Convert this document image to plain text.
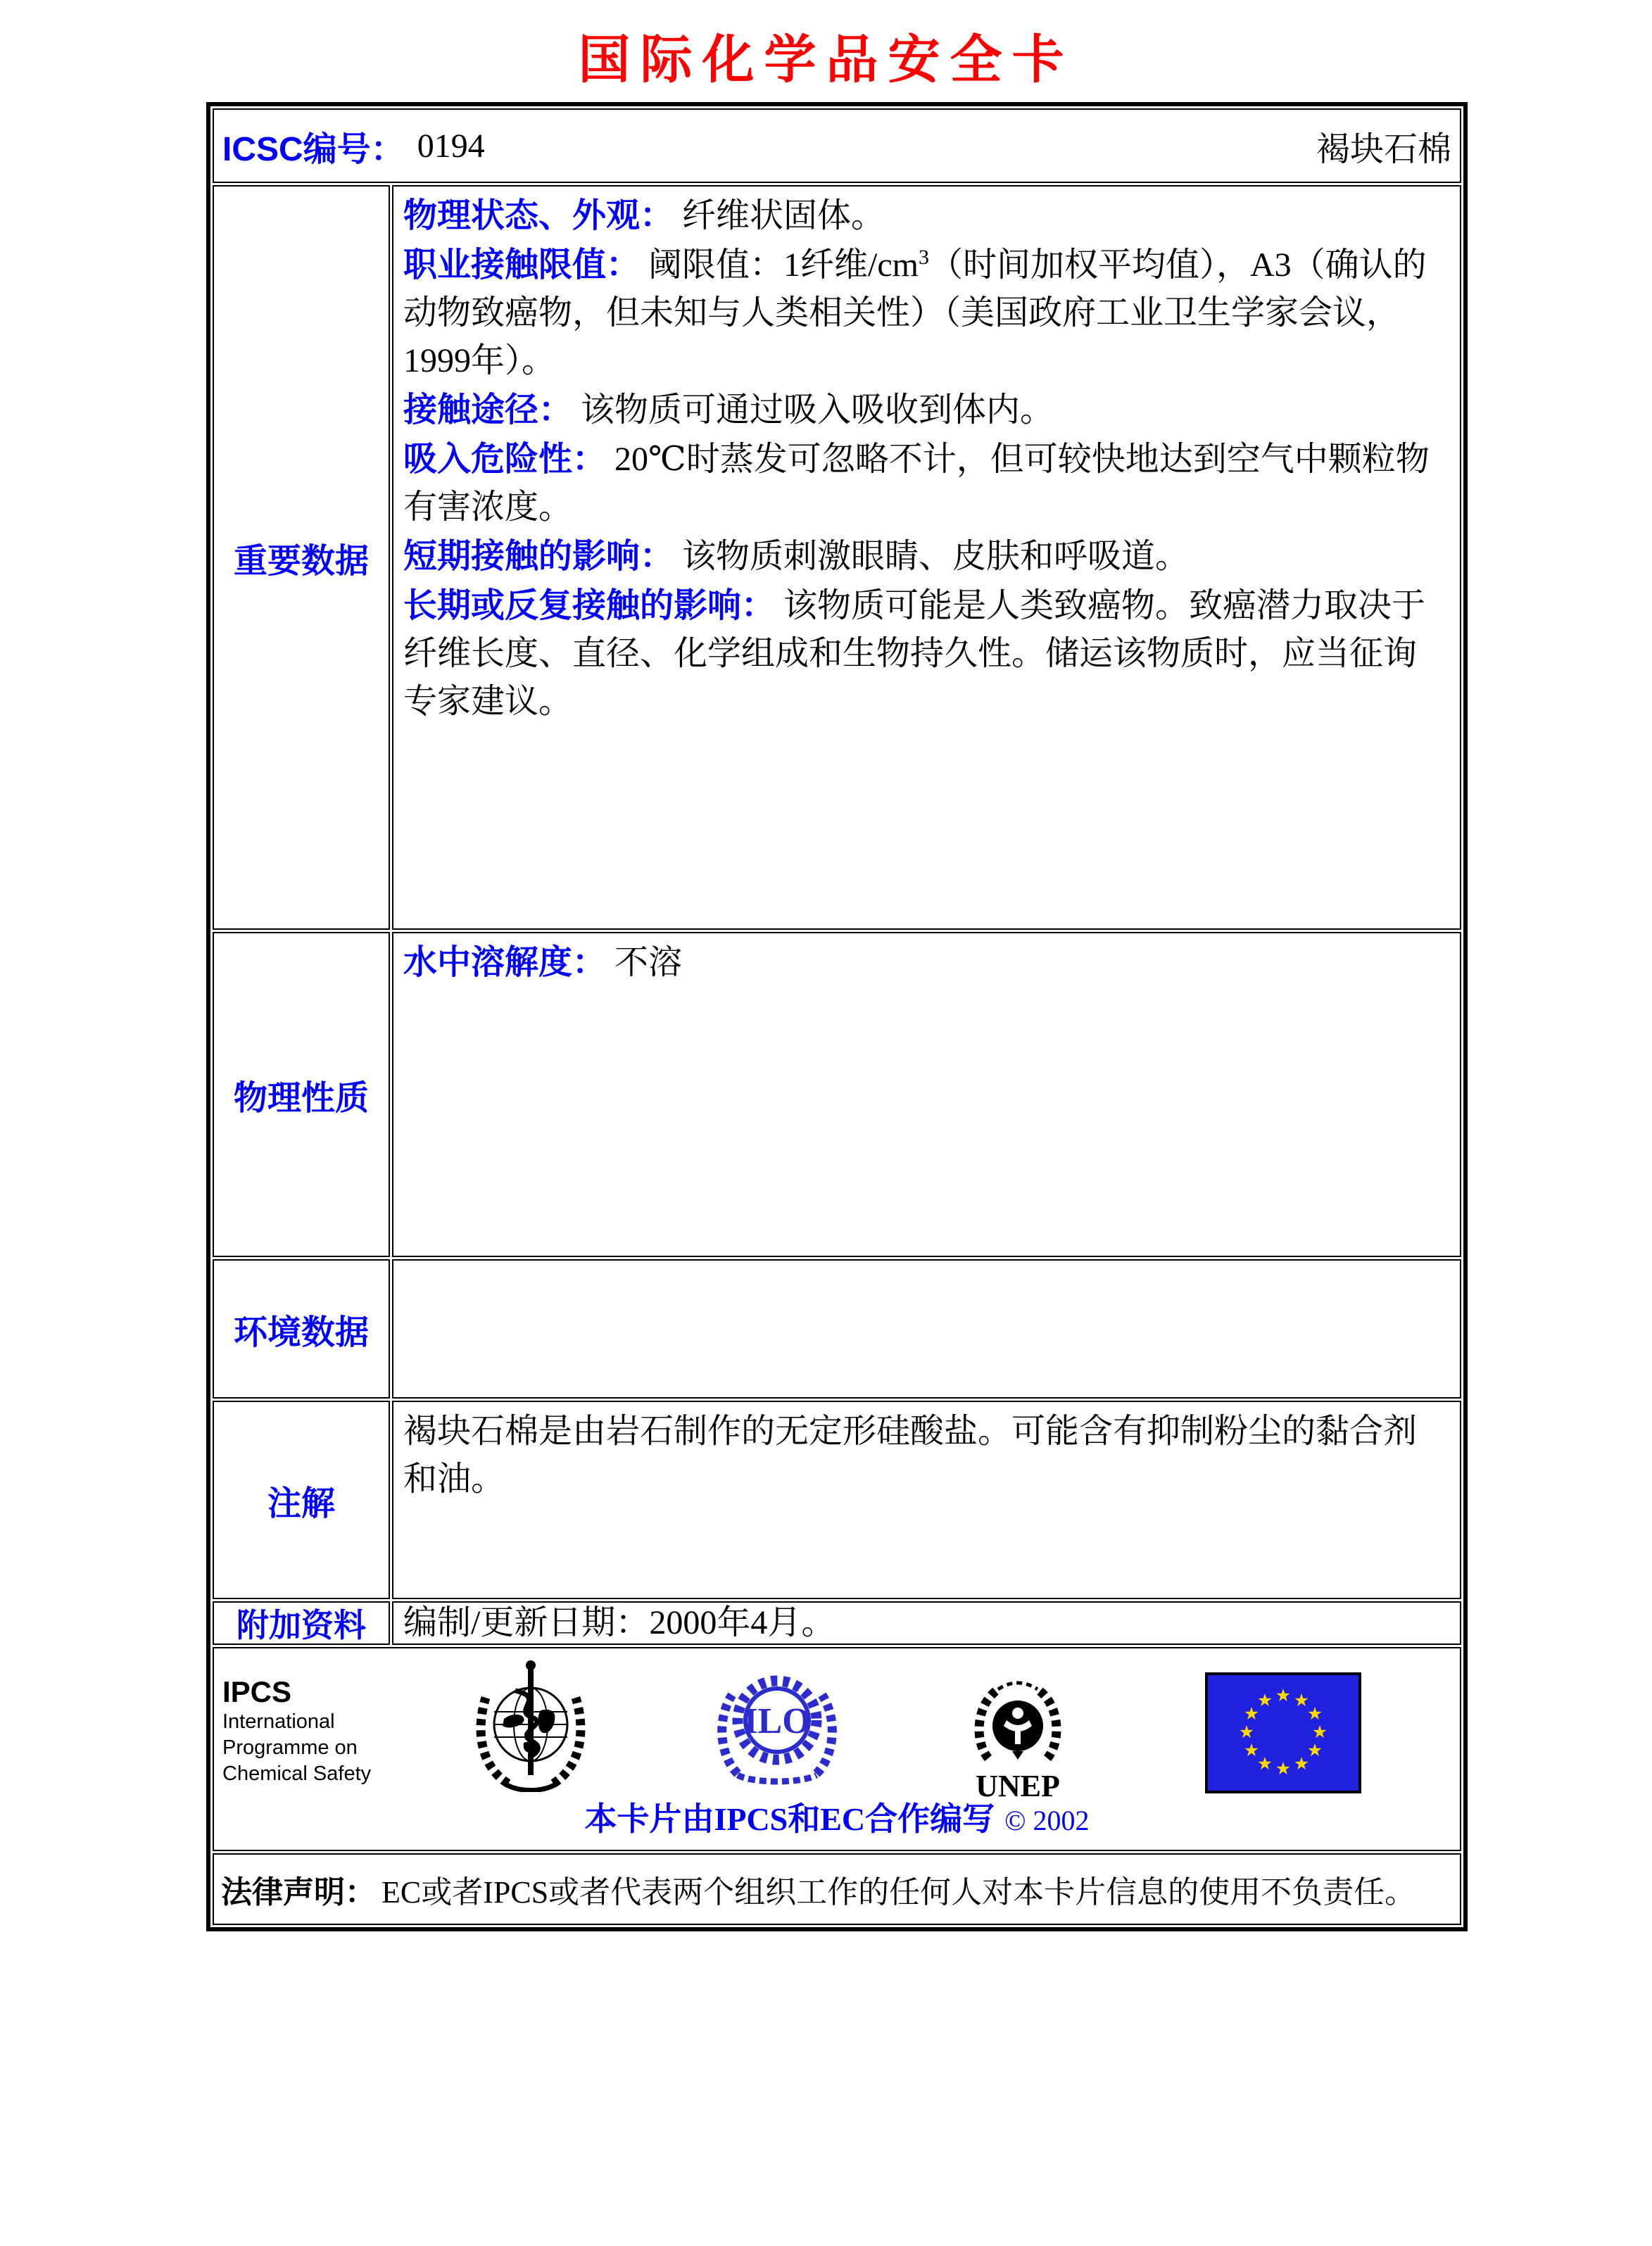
国际化学品安全卡
ICSC编号： 0194	褐块石棉
重要数据

物理状态、外观： 纤维状固体。

职业接触限值： 阈限值：1纤维$/cm^3$（时间加权平均值），A3（确认的动物致癌物，但未知与人类相关性）（美国政府工业卫生学家会议，1999年）。

接触途径： 该物质可通过吸入吸收到体内。

吸入危险性： 20℃时蒸发可忽略不计，但可较快地达到空气中颗粒物有害浓度。

短期接触的影响： 该物质刺激眼睛、皮肤和呼吸道。

长期或反复接触的影响： 该物质可能是人类致癌物。致癌潜力取决于纤维长度、直径、化学组成和生物持久性。储运该物质时，应当征询专家建议。

物理性质

水中溶解度： 不溶

环境数据
注解
褐块石棉是由岩石制作的无定形硅酸盐。可能含有抑制粉尘的黏合剂和油。
附加资料	编制/更新日期：2000年4月。
IPCS
International
Programme on
Chemical Safety
ILO
UNEP
本卡片由IPCS和EC合作编写 © 2002
法律声明： EC或者IPCS或者代表两个组织工作的任何人对本卡片信息的使用不负责任。
